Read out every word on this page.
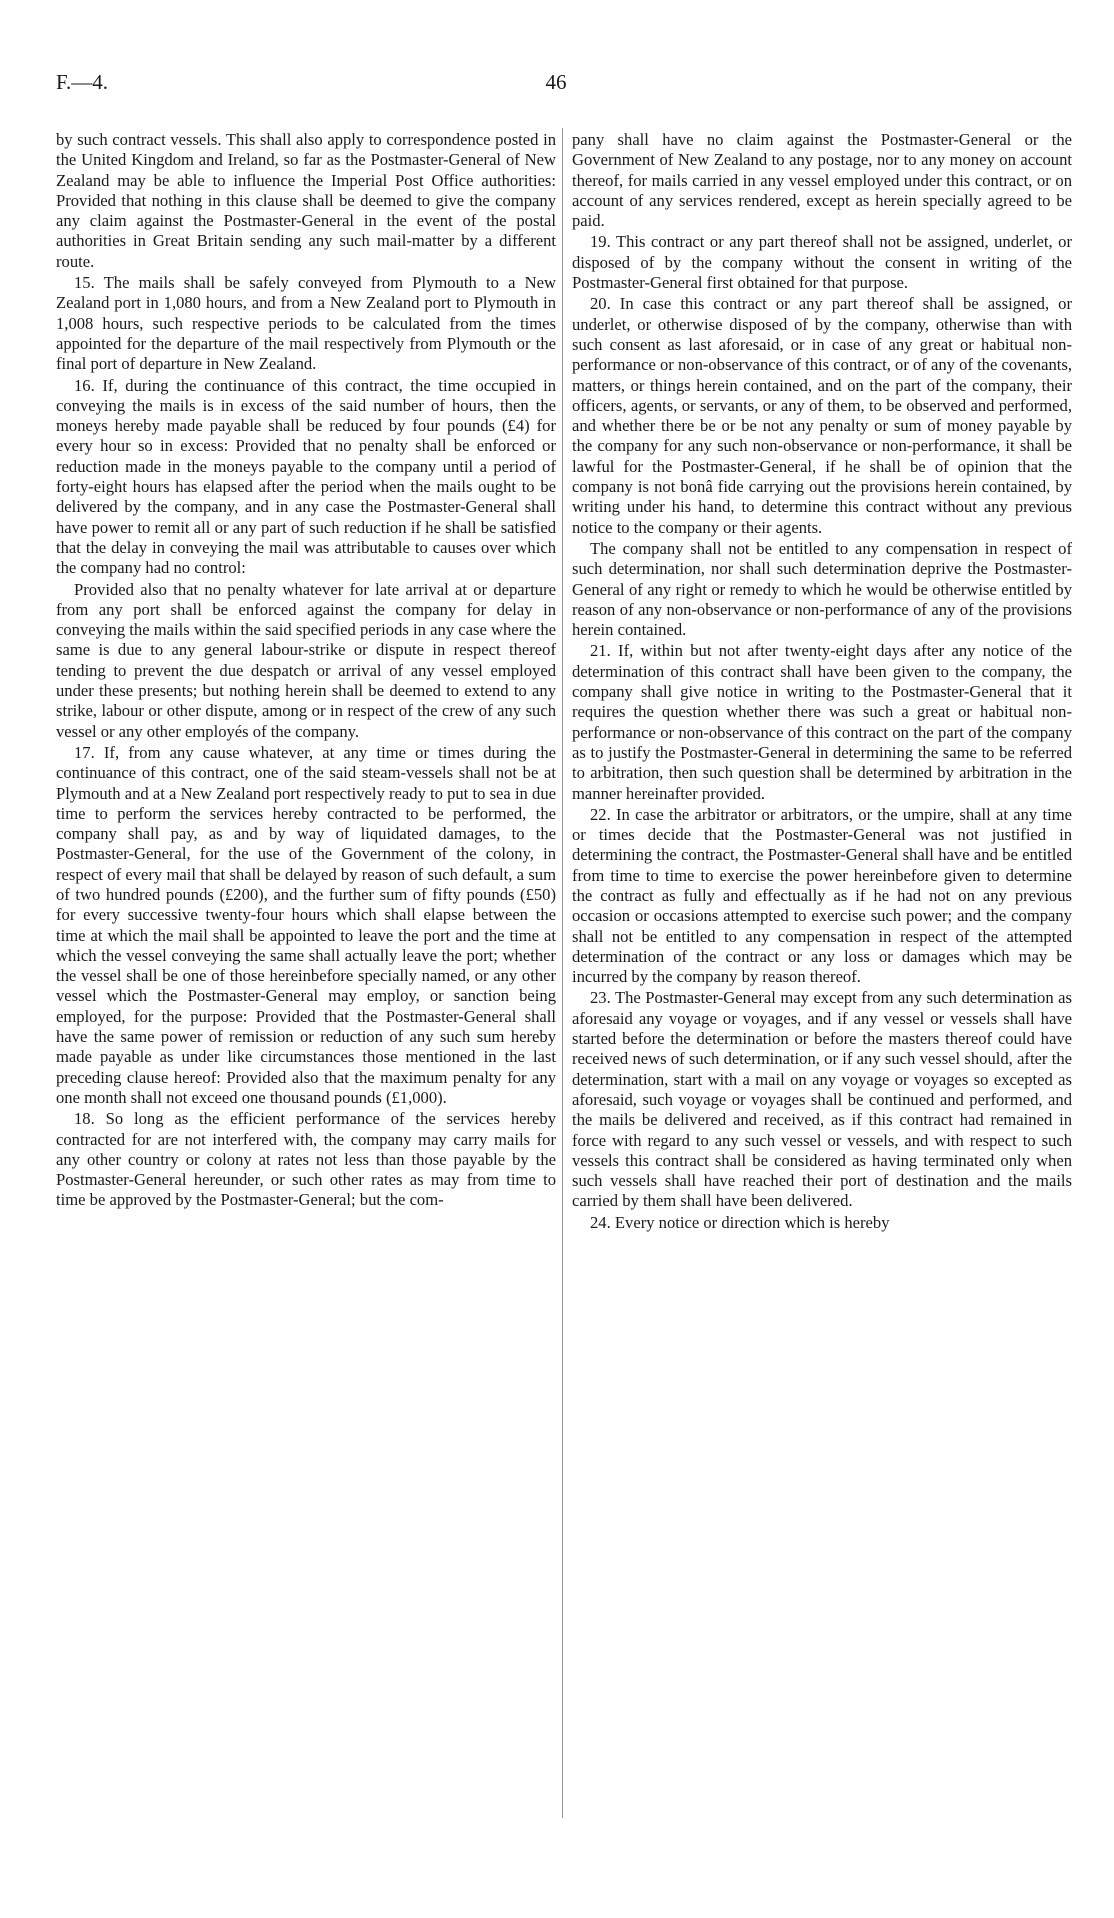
F.—4.	46

by such contract vessels. This shall also apply to correspondence posted in the United Kingdom and Ireland, so far as the Postmaster-General of New Zealand may be able to influence the Imperial Post Office authorities: Provided that nothing in this clause shall be deemed to give the company any claim against the Postmaster-General in the event of the postal authorities in Great Britain sending any such mail-matter by a different route.

15. The mails shall be safely conveyed from Plymouth to a New Zealand port in 1,080 hours, and from a New Zealand port to Plymouth in 1,008 hours, such respective periods to be calculated from the times appointed for the departure of the mail respectively from Plymouth or the final port of departure in New Zealand.

16. If, during the continuance of this contract, the time occupied in conveying the mails is in excess of the said number of hours, then the moneys hereby made payable shall be reduced by four pounds (£4) for every hour so in excess: Provided that no penalty shall be enforced or reduction made in the moneys payable to the company until a period of forty-eight hours has elapsed after the period when the mails ought to be delivered by the company, and in any case the Postmaster-General shall have power to remit all or any part of such reduction if he shall be satisfied that the delay in conveying the mail was attributable to causes over which the company had no control:

Provided also that no penalty whatever for late arrival at or departure from any port shall be enforced against the company for delay in conveying the mails within the said specified periods in any case where the same is due to any general labour-strike or dispute in respect thereof tending to prevent the due despatch or arrival of any vessel employed under these presents; but nothing herein shall be deemed to extend to any strike, labour or other dispute, among or in respect of the crew of any such vessel or any other employés of the company.

17. If, from any cause whatever, at any time or times during the continuance of this contract, one of the said steam-vessels shall not be at Plymouth and at a New Zealand port respectively ready to put to sea in due time to perform the services hereby contracted to be performed, the company shall pay, as and by way of liquidated damages, to the Postmaster-General, for the use of the Government of the colony, in respect of every mail that shall be delayed by reason of such default, a sum of two hundred pounds (£200), and the further sum of fifty pounds (£50) for every successive twenty-four hours which shall elapse between the time at which the mail shall be appointed to leave the port and the time at which the vessel conveying the same shall actually leave the port; whether the vessel shall be one of those hereinbefore specially named, or any other vessel which the Postmaster-General may employ, or sanction being employed, for the purpose: Provided that the Postmaster-General shall have the same power of remission or reduction of any such sum hereby made payable as under like circumstances those mentioned in the last preceding clause hereof: Provided also that the maximum penalty for any one month shall not exceed one thousand pounds (£1,000).

18. So long as the efficient performance of the services hereby contracted for are not interfered with, the company may carry mails for any other country or colony at rates not less than those payable by the Postmaster-General hereunder, or such other rates as may from time to time be approved by the Postmaster-General; but the com-

pany shall have no claim against the Postmaster-General or the Government of New Zealand to any postage, nor to any money on account thereof, for mails carried in any vessel employed under this contract, or on account of any services rendered, except as herein specially agreed to be paid.

19. This contract or any part thereof shall not be assigned, underlet, or disposed of by the company without the consent in writing of the Postmaster-General first obtained for that purpose.

20. In case this contract or any part thereof shall be assigned, or underlet, or otherwise disposed of by the company, otherwise than with such consent as last aforesaid, or in case of any great or habitual non-performance or non-observance of this contract, or of any of the covenants, matters, or things herein contained, and on the part of the company, their officers, agents, or servants, or any of them, to be observed and performed, and whether there be or be not any penalty or sum of money payable by the company for any such non-observance or non-performance, it shall be lawful for the Postmaster-General, if he shall be of opinion that the company is not bonâ fide carrying out the provisions herein contained, by writing under his hand, to determine this contract without any previous notice to the company or their agents.

The company shall not be entitled to any compensation in respect of such determination, nor shall such determination deprive the Postmaster-General of any right or remedy to which he would be otherwise entitled by reason of any non-observance or non-performance of any of the provisions herein contained.

21. If, within but not after twenty-eight days after any notice of the determination of this contract shall have been given to the company, the company shall give notice in writing to the Postmaster-General that it requires the question whether there was such a great or habitual non-performance or non-observance of this contract on the part of the company as to justify the Postmaster-General in determining the same to be referred to arbitration, then such question shall be determined by arbitration in the manner hereinafter provided.

22. In case the arbitrator or arbitrators, or the umpire, shall at any time or times decide that the Postmaster-General was not justified in determining the contract, the Postmaster-General shall have and be entitled from time to time to exercise the power hereinbefore given to determine the contract as fully and effectually as if he had not on any previous occasion or occasions attempted to exercise such power; and the company shall not be entitled to any compensation in respect of the attempted determination of the contract or any loss or damages which may be incurred by the company by reason thereof.

23. The Postmaster-General may except from any such determination as aforesaid any voyage or voyages, and if any vessel or vessels shall have started before the determination or before the masters thereof could have received news of such determination, or if any such vessel should, after the determination, start with a mail on any voyage or voyages so excepted as aforesaid, such voyage or voyages shall be continued and performed, and the mails be delivered and received, as if this contract had remained in force with regard to any such vessel or vessels, and with respect to such vessels this contract shall be considered as having terminated only when such vessels shall have reached their port of destination and the mails carried by them shall have been delivered.

24. Every notice or direction which is hereby
